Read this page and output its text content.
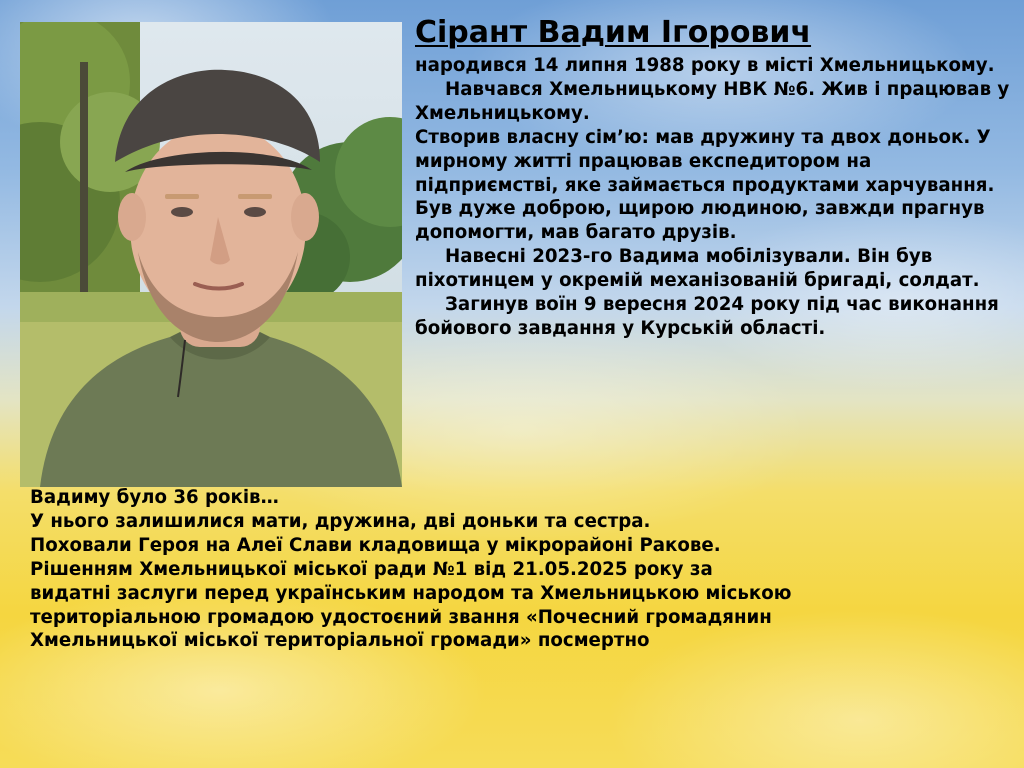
Сірант Вадим Ігорович

народився 14 липня 1988 року в місті Хмельницькому.

Навчався Хмельницькому НВК №6. Жив і працював у Хмельницькому.

Створив власну сім’ю: мав дружину та двох доньок. У мирному житті працював експедитором на підприємстві, яке займається продуктами харчування. Був дуже доброю, щирою людиною, завжди прагнув допомогти, мав багато друзів.

Навесні 2023-го Вадима мобілізували. Він був піхотинцем у окремій механізованій бригаді, солдат.

Загинув воїн 9 вересня 2024 року під час виконання бойового завдання у Курській області.

Вадиму було 36 років…

У нього залишилися мати, дружина, дві доньки та сестра.

Поховали Героя на Алеї Слави кладовища у мікрорайоні Ракове.

Рішенням Хмельницької міської ради №1 від 21.05.2025 року за

видатні заслуги перед українським народом та Хмельницькою міською

територіальною громадою удостоєний звання «Почесний громадянин

Хмельницької міської територіальної громади» посмертно
